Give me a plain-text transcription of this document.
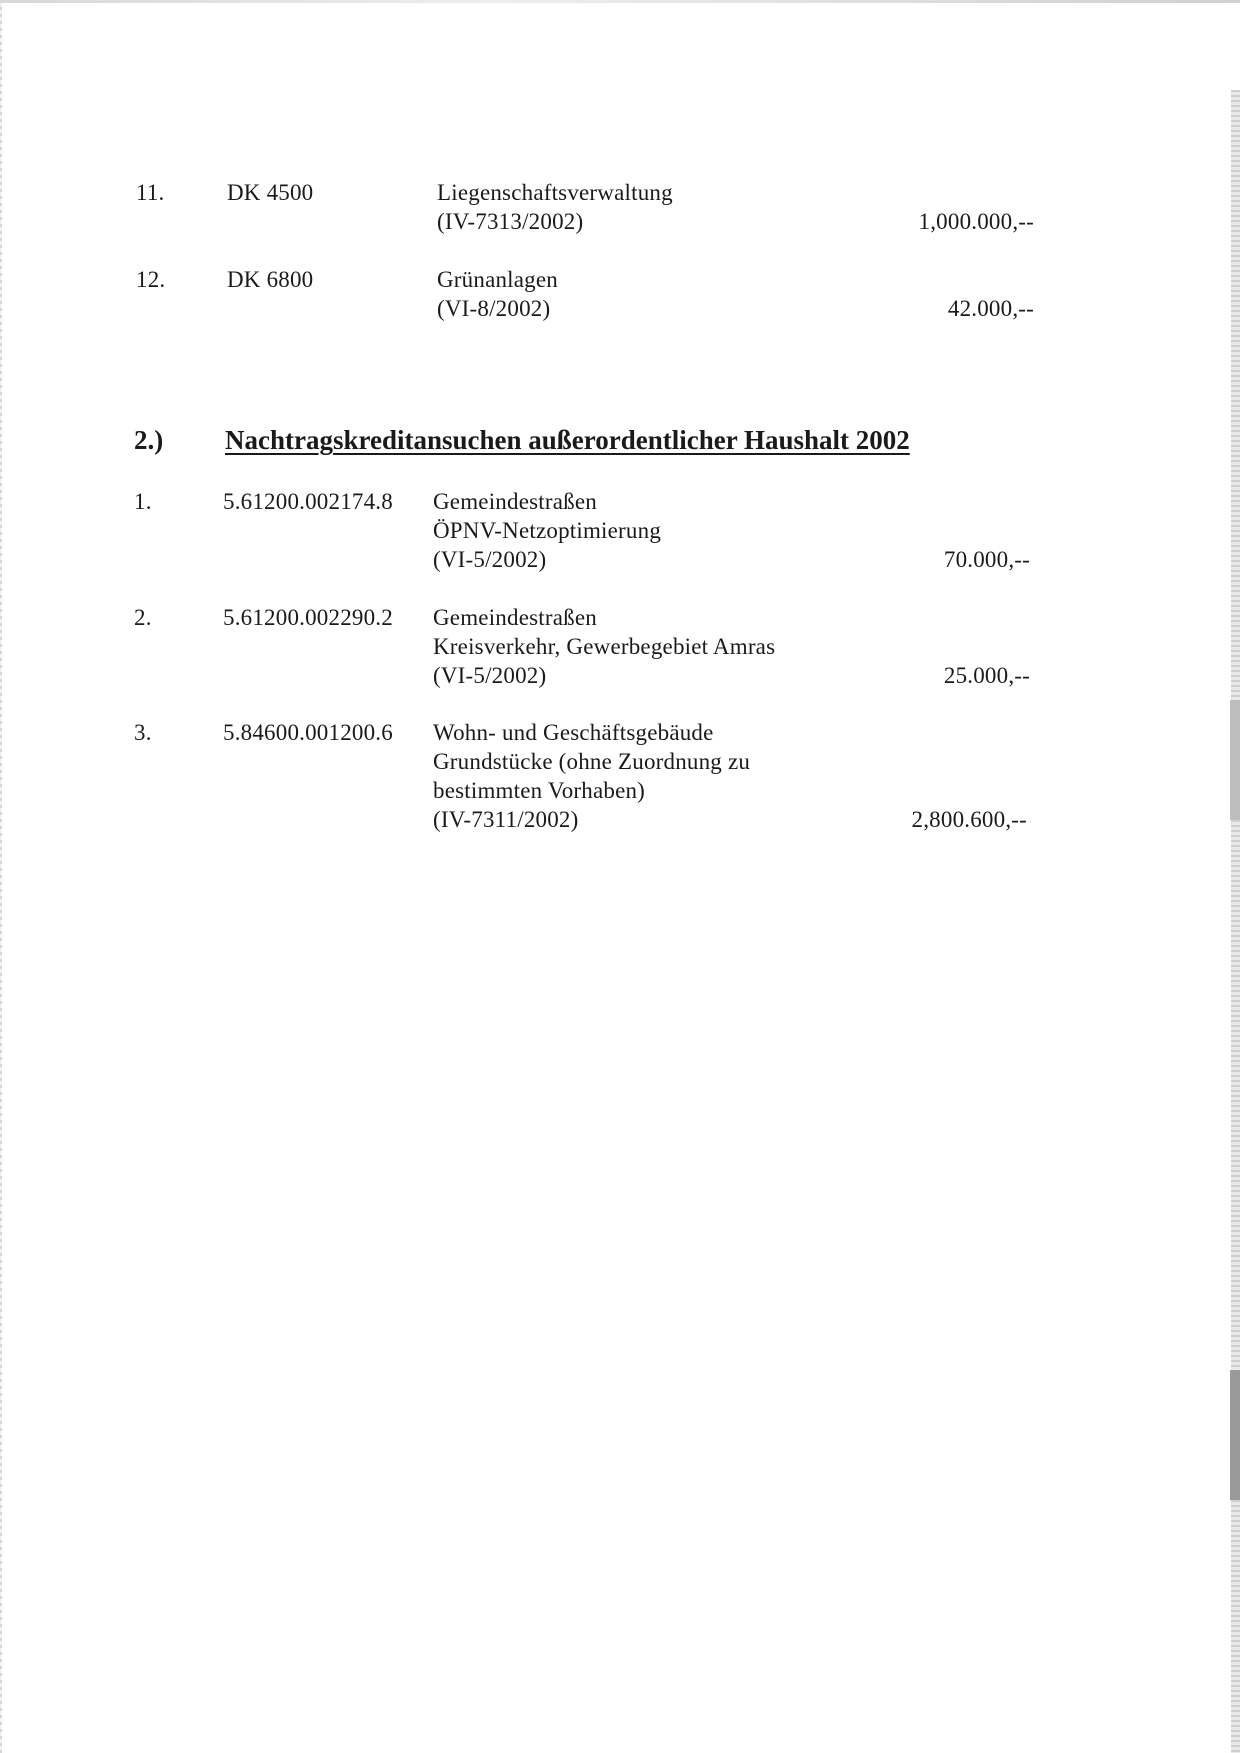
11.	DK 4500	Liegenschaftsverwaltung
(IV-7313/2002)	1,000.000,--
12.	DK 6800	Grünanlagen
(VI-8/2002)	42.000,--
2.) Nachtragskreditansuchen außerordentlicher Haushalt 2002
1.	5.61200.002174.8 Gemeindestraßen
ÖPNV-Netzoptimierung
(VI-5/2002)	70.000,--
2.	5.61200.002290.2 Gemeindestraßen
Kreisverkehr, Gewerbegebiet Amras
(VI-5/2002)	25.000,--
3.	5.84600.001200.6 Wohn- und Geschäftsgebäude
Grundstücke (ohne Zuordnung zu
bestimmten Vorhaben)
(IV-7311/2002)	2,800.600,--
